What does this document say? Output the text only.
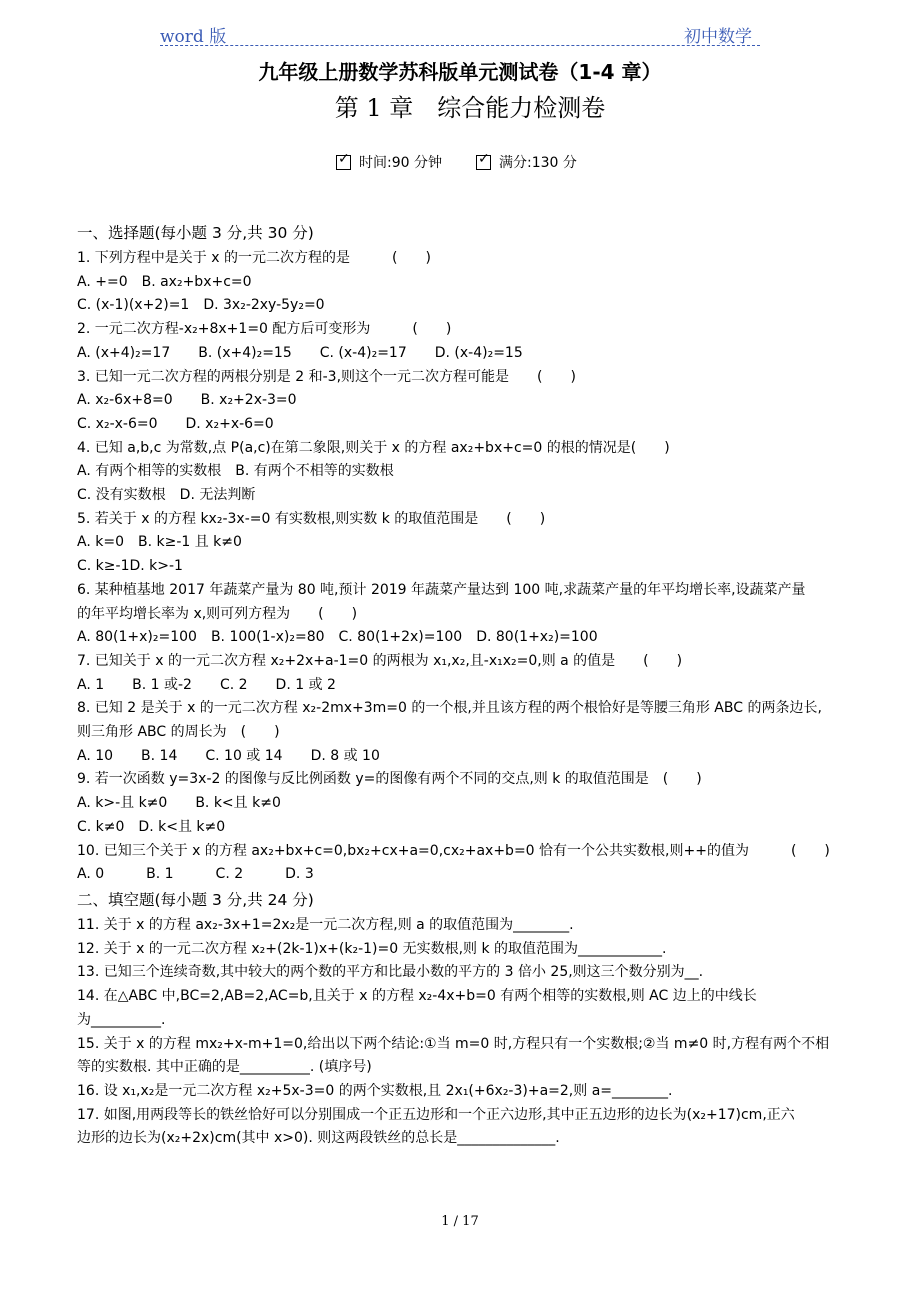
word 版	初中数学
九年级上册数学苏科版单元测试卷（1-4 章）
第 1 章　综合能力检测卷
✓
时间:90 分钟
✓	满分:130 分
一、选择题(每小题 3 分,共 30 分)
1. 下列方程中是关于 x 的一元二次方程的是　　　(　　)
A. +=0　B. ax₂+bx+c=0
C. (x-1)(x+2)=1　D. 3x₂-2xy-5y₂=0
2. 一元二次方程-x₂+8x+1=0 配方后可变形为　　　(　　)
A. (x+4)₂=17　　B. (x+4)₂=15　　C. (x-4)₂=17　　D. (x-4)₂=15
3. 已知一元二次方程的两根分别是 2 和-3,则这个一元二次方程可能是　　(　　)
A. x₂-6x+8=0　　B. x₂+2x-3=0
C. x₂-x-6=0　　D. x₂+x-6=0
4. 已知 a,b,c 为常数,点 P(a,c)在第二象限,则关于 x 的方程 ax₂+bx+c=0 的根的情况是(　　)
A. 有两个相等的实数根　B. 有两个不相等的实数根
C. 没有实数根　D. 无法判断
5. 若关于 x 的方程 kx₂-3x-=0 有实数根,则实数 k 的取值范围是　　(　　)
A. k=0　B. k≥-1 且 k≠0
C. k≥-1D. k>-1
6. 某种植基地 2017 年蔬菜产量为 80 吨,预计 2019 年蔬菜产量达到 100 吨,求蔬菜产量的年平均增长率,设蔬菜产量
的年平均增长率为 x,则可列方程为　　(　　)
A. 80(1+x)₂=100　B. 100(1-x)₂=80　C. 80(1+2x)=100　D. 80(1+x₂)=100
7. 已知关于 x 的一元二次方程 x₂+2x+a-1=0 的两根为 x₁,x₂,且-x₁x₂=0,则 a 的值是　　(　　)
A. 1　　B. 1 或-2　　C. 2　　D. 1 或 2
8. 已知 2 是关于 x 的一元二次方程 x₂-2mx+3m=0 的一个根,并且该方程的两个根恰好是等腰三角形 ABC 的两条边长,
则三角形 ABC 的周长为　(　　)
A. 10　　B. 14　　C. 10 或 14　　D. 8 或 10
9. 若一次函数 y=3x-2 的图像与反比例函数 y=的图像有两个不同的交点,则 k 的取值范围是　(　　)
A. k>-且 k≠0　　B. k<且 k≠0
C. k≠0　D. k<且 k≠0
10. 已知三个关于 x 的方程 ax₂+bx+c=0,bx₂+cx+a=0,cx₂+ax+b=0 恰有一个公共实数根,则++的值为　　　(　　)
A. 0　　　B. 1　　　C. 2　　　D. 3
二、填空题(每小题 3 分,共 24 分)
11. 关于 x 的方程 ax₂-3x+1=2x₂是一元二次方程,则 a 的取值范围为________.
12. 关于 x 的一元二次方程 x₂+(2k-1)x+(k₂-1)=0 无实数根,则 k 的取值范围为____________.
13. 已知三个连续奇数,其中较大的两个数的平方和比最小数的平方的 3 倍小 25,则这三个数分别为__.
14. 在△ABC 中,BC=2,AB=2,AC=b,且关于 x 的方程 x₂-4x+b=0 有两个相等的实数根,则 AC 边上的中线长
为__________.
15. 关于 x 的方程 mx₂+x-m+1=0,给出以下两个结论:①当 m=0 时,方程只有一个实数根;②当 m≠0 时,方程有两个不相
等的实数根. 其中正确的是__________. (填序号)
16. 设 x₁,x₂是一元二次方程 x₂+5x-3=0 的两个实数根,且 2x₁(+6x₂-3)+a=2,则 a=________.
17. 如图,用两段等长的铁丝恰好可以分别围成一个正五边形和一个正六边形,其中正五边形的边长为(x₂+17)cm,正六
边形的边长为(x₂+2x)cm(其中 x>0). 则这两段铁丝的总长是______________.
1 / 17
